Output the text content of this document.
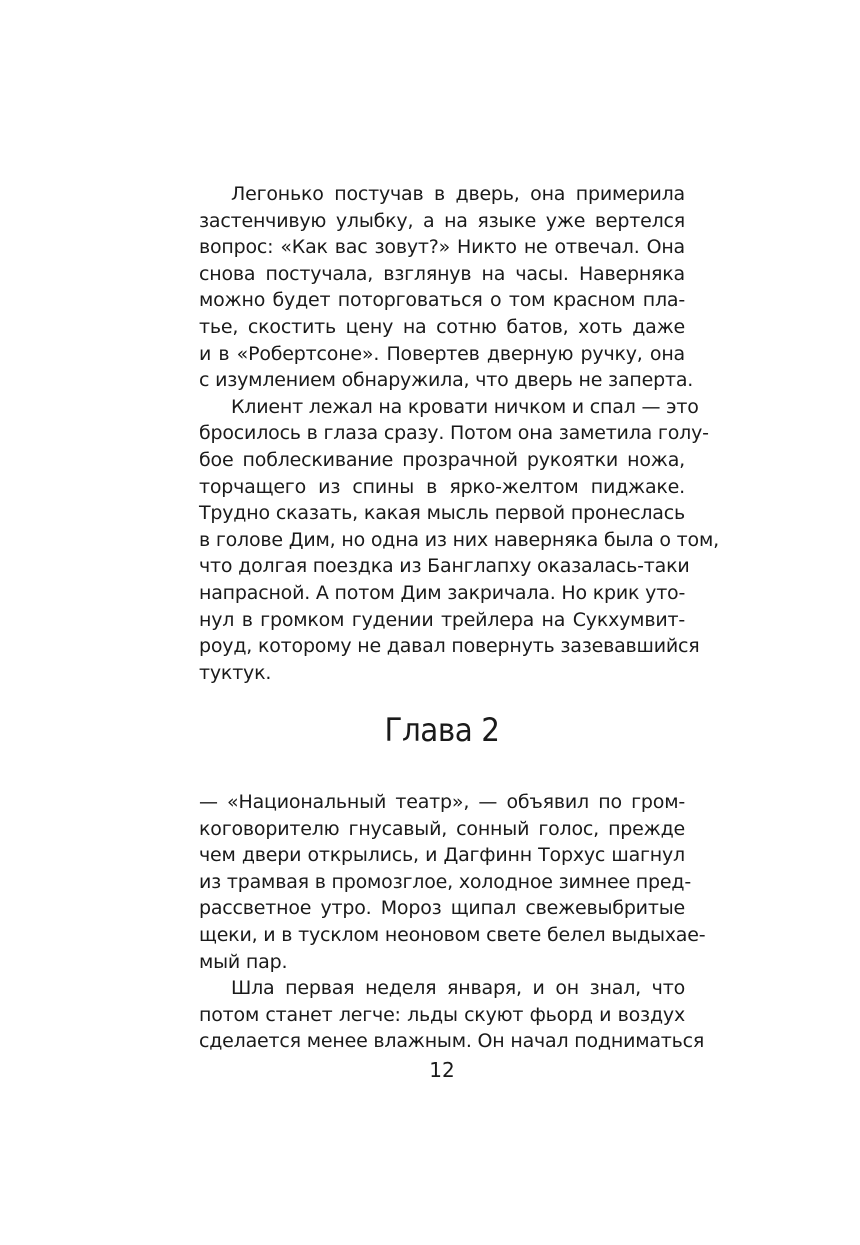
Легонько постучав в дверь, она примерила
застенчивую улыбку, а на языке уже вертелся
вопрос: «Как вас зовут?» Никто не отвечал. Она
снова постучала, взглянув на часы. Наверняка
можно будет поторговаться о том красном пла-
тье, скостить цену на сотню батов, хоть даже
и в «Робертсоне». Повертев дверную ручку, она
с изумлением обнаружила, что дверь не заперта.
Клиент лежал на кровати ничком и спал — это
бросилось в глаза сразу. Потом она заметила голу-
бое поблескивание прозрачной рукоятки ножа,
торчащего из спины в ярко-желтом пиджаке.
Трудно сказать, какая мысль первой пронеслась
в голове Дим, но одна из них наверняка была о том,
что долгая поездка из Банглапху оказалась-таки
напрасной. А потом Дим закричала. Но крик уто-
нул в громком гудении трейлера на Сукхумвит-
роуд, которому не давал повернуть зазевавшийся
туктук.
Глава 2
— «Национальный театр», — объявил по гром-
коговорителю гнусавый, сонный голос, прежде
чем двери открылись, и Дагфинн Торхус шагнул
из трамвая в промозглое, холодное зимнее пред-
рассветное утро. Мороз щипал свежевыбритые
щеки, и в тусклом неоновом свете белел выдыхае-
мый пар.
Шла первая неделя января, и он знал, что
потом станет легче: льды скуют фьорд и воздух
сделается менее влажным. Он начал подниматься
12
